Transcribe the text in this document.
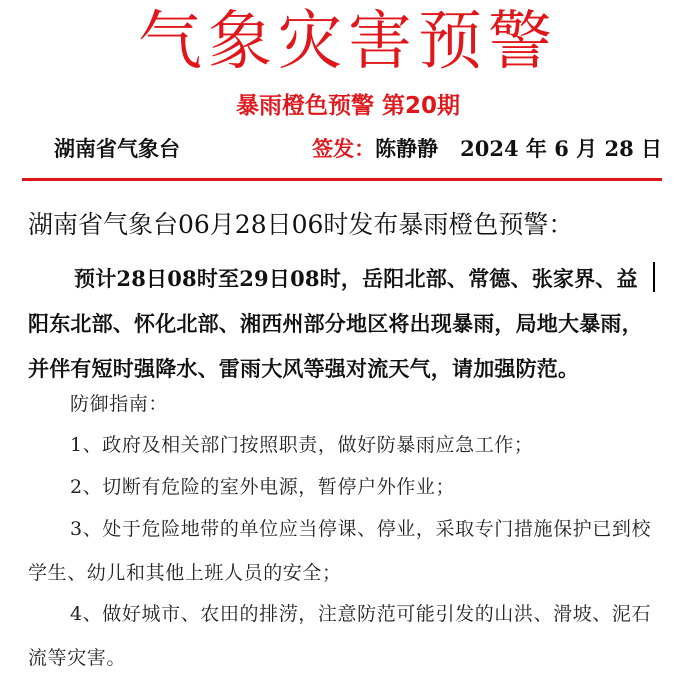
气象灾害预警
暴雨橙色预警 第20期
湖南省气象台	签发：陈静静 2024 年 6 月 28 日
湖南省气象台06月28日06时发布暴雨橙色预警：
预计28日08时至29日08时，岳阳北部、常德、张家界、益阳东北部、怀化北部、湘西州部分地区将出现暴雨，局地大暴雨，并伴有短时强降水、雷雨大风等强对流天气，请加强防范。
防御指南：
1、政府及相关部门按照职责，做好防暴雨应急工作；
2、切断有危险的室外电源，暂停户外作业；
3、处于危险地带的单位应当停课、停业，采取专门措施保护已到校学生、幼儿和其他上班人员的安全；
4、做好城市、农田的排涝，注意防范可能引发的山洪、滑坡、泥石流等灾害。
